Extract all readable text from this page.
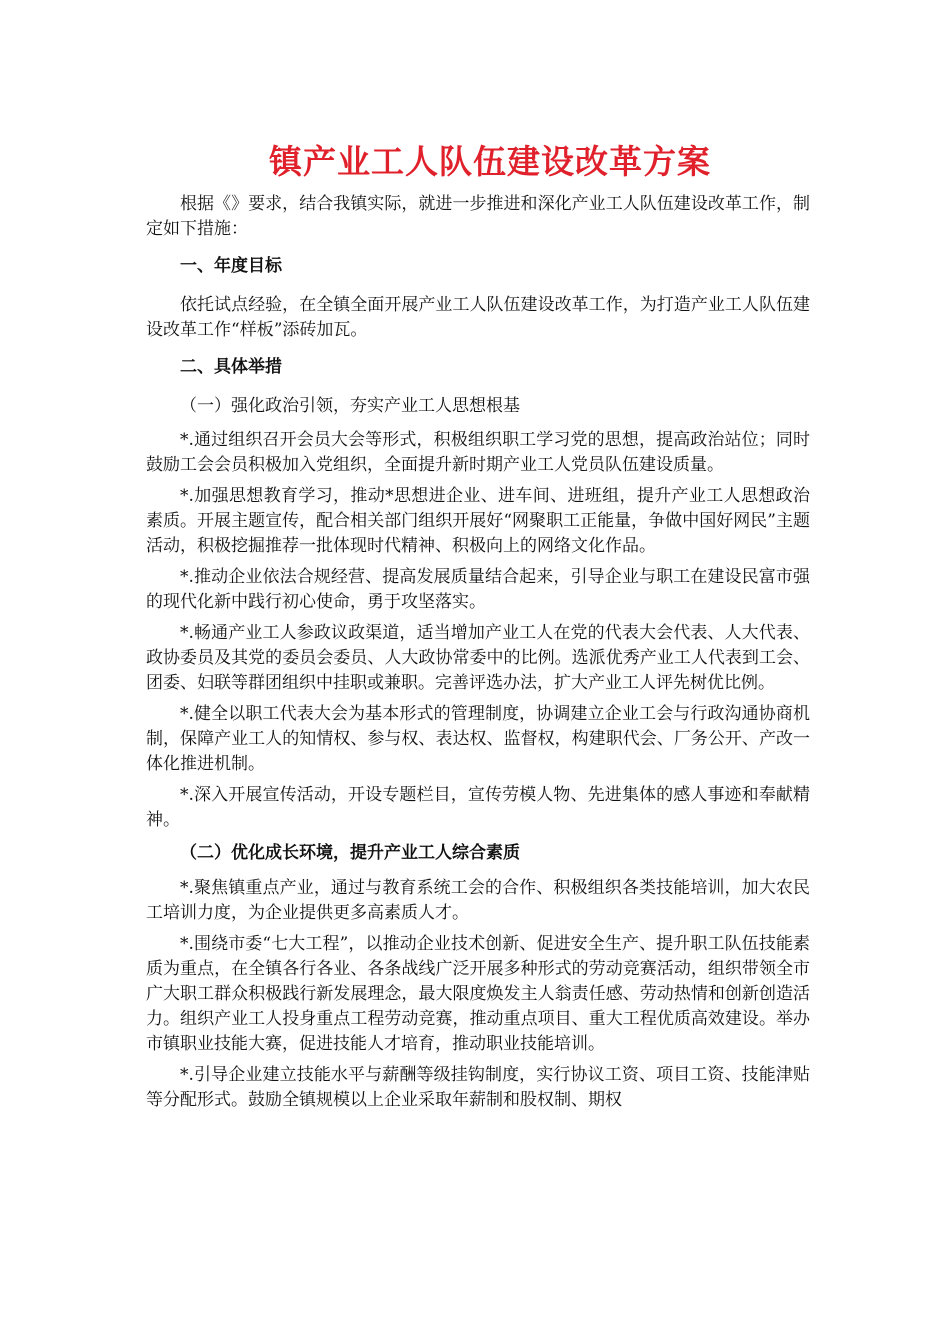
镇产业工人队伍建设改革方案

根据《》要求，结合我镇实际，就进一步推进和深化产业工人队伍建设改革工作，制定如下措施：

一、年度目标

依托试点经验，在全镇全面开展产业工人队伍建设改革工作，为打造产业工人队伍建设改革工作“样板”添砖加瓦。

二、具体举措
（一）强化政治引领，夯实产业工人思想根基

*.通过组织召开会员大会等形式，积极组织职工学习党的思想，提高政治站位；同时鼓励工会会员积极加入党组织，全面提升新时期产业工人党员队伍建设质量。

*.加强思想教育学习，推动*思想进企业、进车间、进班组，提升产业工人思想政治素质。开展主题宣传，配合相关部门组织开展好“网聚职工正能量，争做中国好网民”主题活动，积极挖掘推荐一批体现时代精神、积极向上的网络文化作品。

*.推动企业依法合规经营、提高发展质量结合起来，引导企业与职工在建设民富市强的现代化新中践行初心使命，勇于攻坚落实。

*.畅通产业工人参政议政渠道，适当增加产业工人在党的代表大会代表、人大代表、政协委员及其党的委员会委员、人大政协常委中的比例。选派优秀产业工人代表到工会、团委、妇联等群团组织中挂职或兼职。完善评选办法，扩大产业工人评先树优比例。

*.健全以职工代表大会为基本形式的管理制度，协调建立企业工会与行政沟通协商机制，保障产业工人的知情权、参与权、表达权、监督权，构建职代会、厂务公开、产改一体化推进机制。

*.深入开展宣传活动，开设专题栏目，宣传劳模人物、先进集体的感人事迹和奉献精神。

（二）优化成长环境，提升产业工人综合素质

*.聚焦镇重点产业，通过与教育系统工会的合作、积极组织各类技能培训，加大农民工培训力度，为企业提供更多高素质人才。

*.围绕市委“七大工程”，以推动企业技术创新、促进安全生产、提升职工队伍技能素质为重点，在全镇各行各业、各条战线广泛开展多种形式的劳动竞赛活动，组织带领全市广大职工群众积极践行新发展理念，最大限度焕发主人翁责任感、劳动热情和创新创造活力。组织产业工人投身重点工程劳动竞赛，推动重点项目、重大工程优质高效建设。举办市镇职业技能大赛，促进技能人才培育，推动职业技能培训。

*.引导企业建立技能水平与薪酬等级挂钩制度，实行协议工资、项目工资、技能津贴等分配形式。鼓励全镇规模以上企业采取年薪制和股权制、期权
